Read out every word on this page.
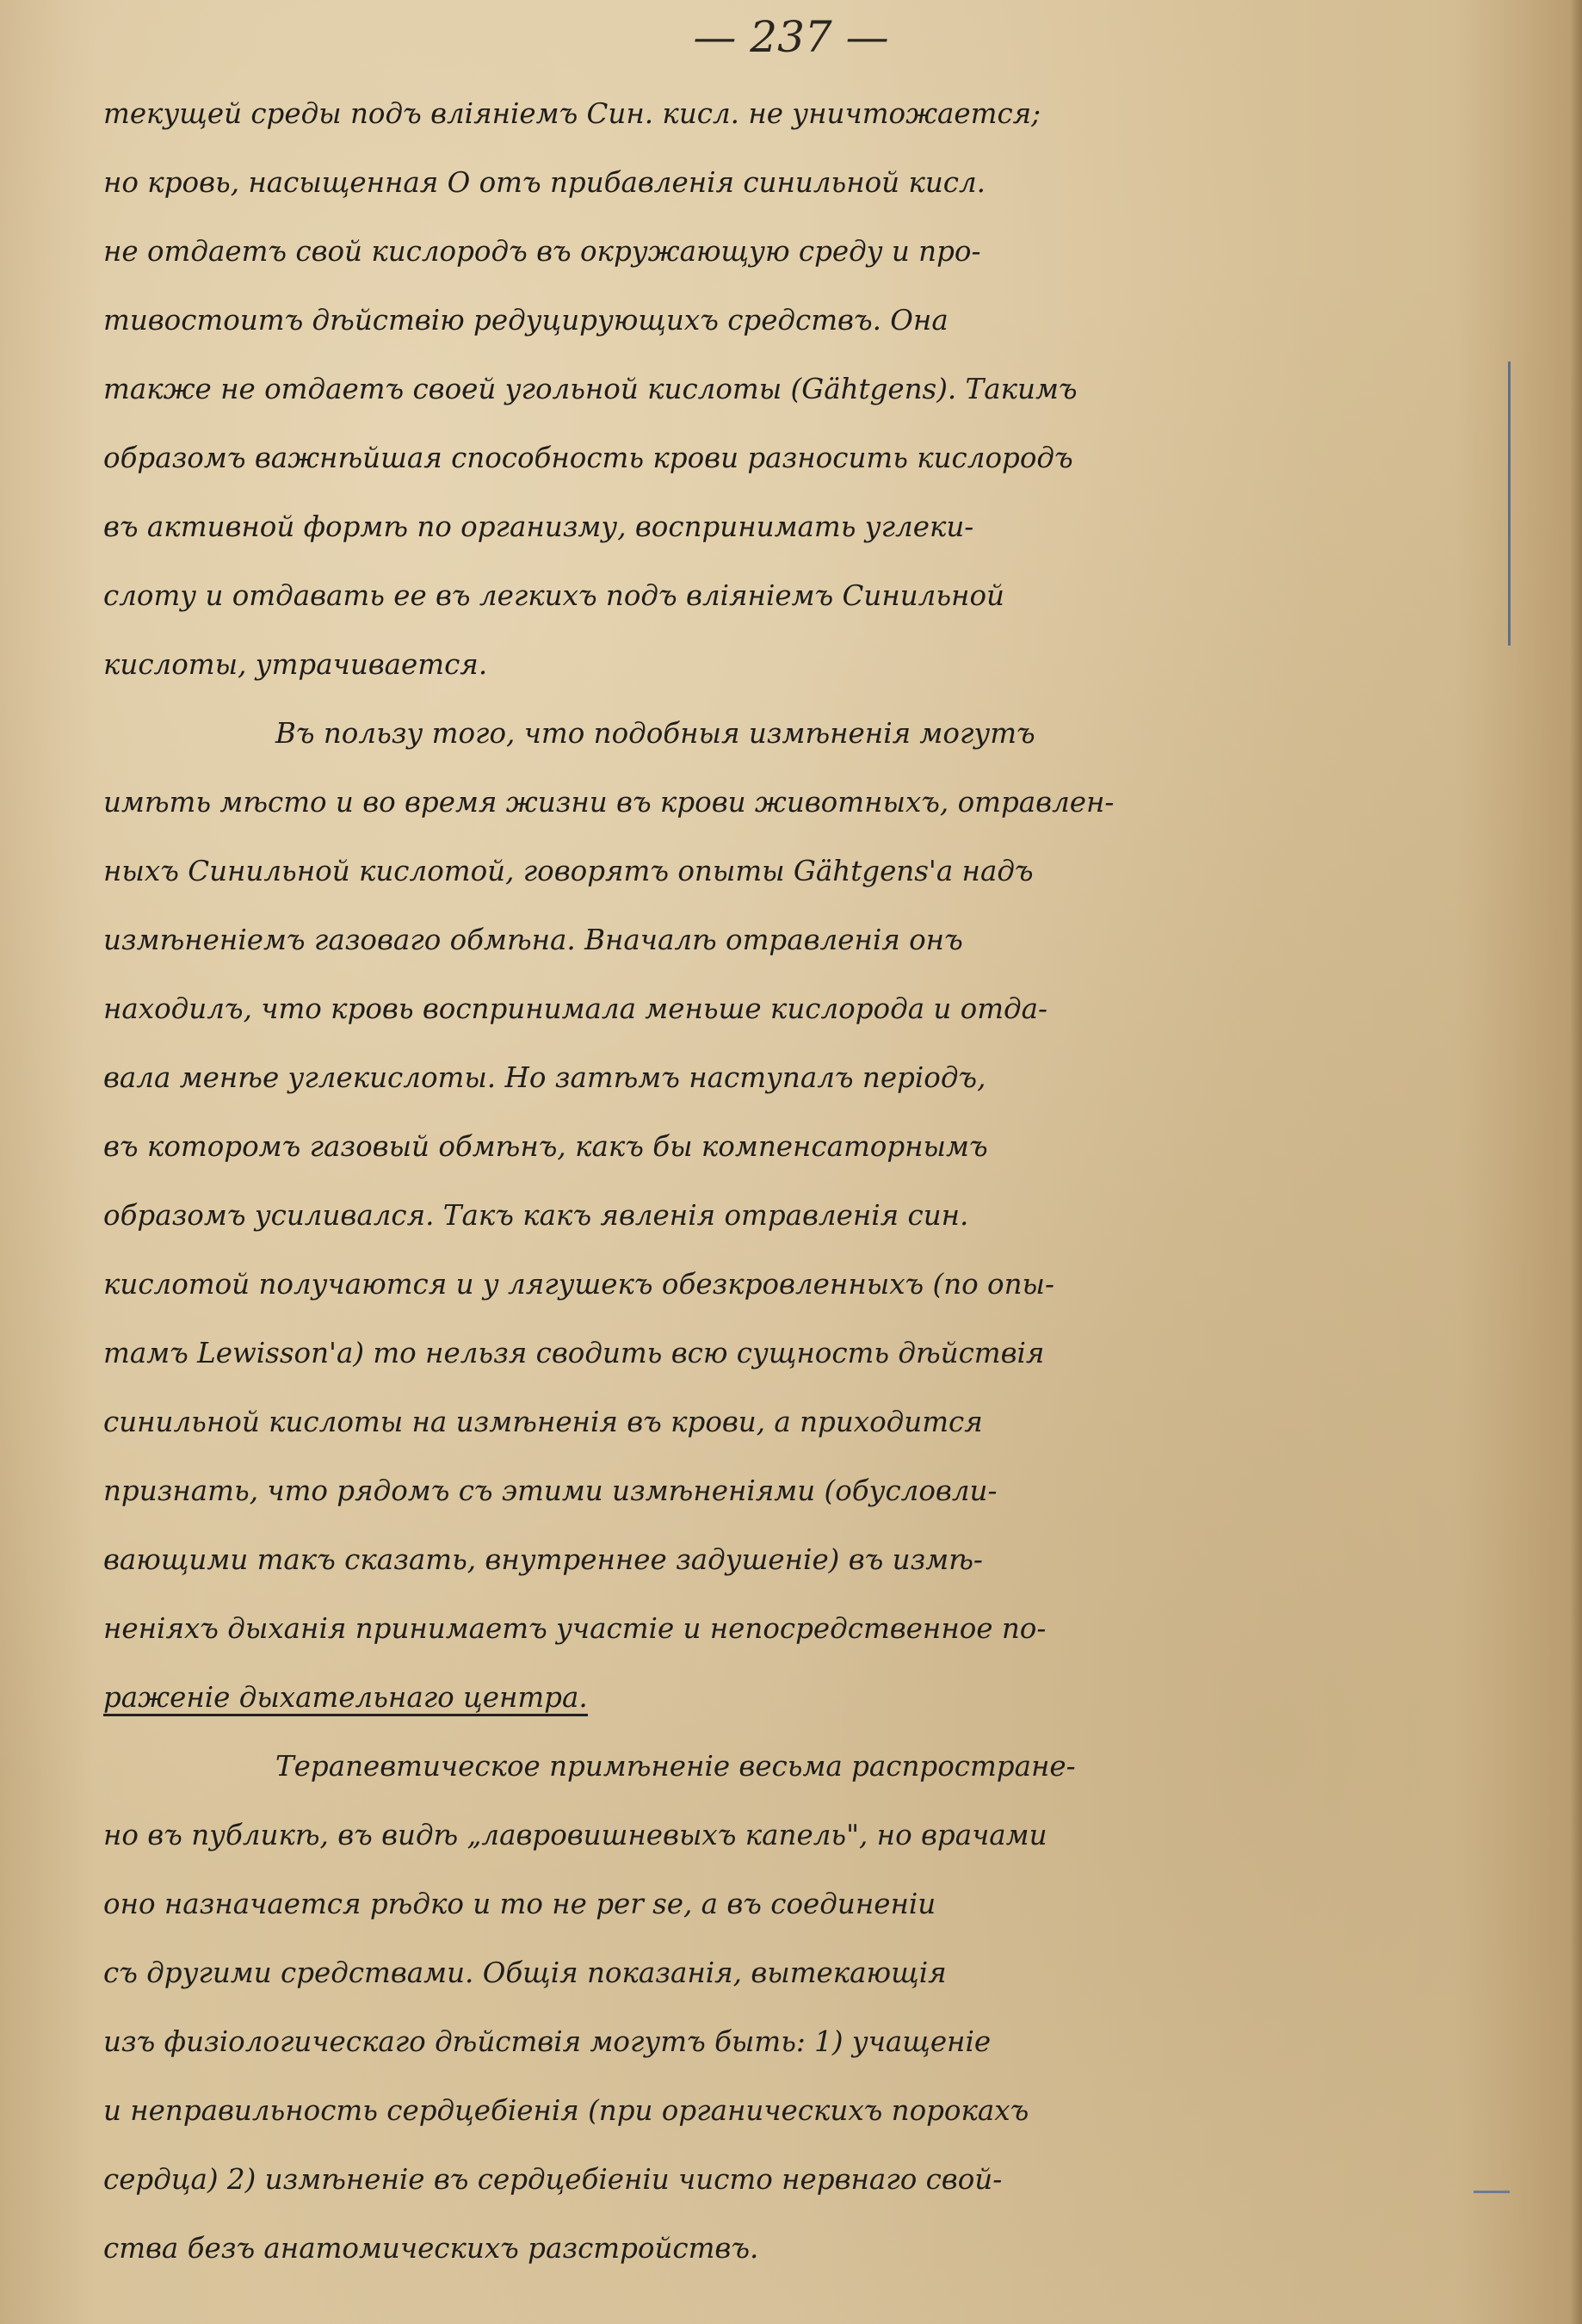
— 237 —
текущей среды подъ вліяніемъ Син. кисл. не уничтожается;
но кровь, насыщенная О отъ прибавленія синильной кисл.
не отдаетъ свой кислородъ въ окружающую среду и про-
тивостоитъ дѣйствію редуцирующихъ средствъ. Она
также не отдаетъ своей угольной кислоты (Gähtgens). Такимъ
образомъ важнѣйшая способность крови разносить кислородъ
въ активной формѣ по организму, воспринимать углеки-
слоту и отдавать ее въ легкихъ подъ вліяніемъ Синильной
кислоты, утрачивается.
Въ пользу того, что подобныя измѣненія могутъ
имѣть мѣсто и во время жизни въ крови животныхъ, отравлен-
ныхъ Синильной кислотой, говорятъ опыты Gähtgens'а надъ
измѣненіемъ газоваго обмѣна. Вначалѣ отравленія онъ
находилъ, что кровь воспринимала меньше кислорода и отда-
вала менѣе углекислоты. Но затѣмъ наступалъ періодъ,
въ которомъ газовый обмѣнъ, какъ бы компенсаторнымъ
образомъ усиливался. Такъ какъ явленія отравленія син.
кислотой получаются и у лягушекъ обезкровленныхъ (по опы-
тамъ Lewisson'а) то нельзя сводить всю сущность дѣйствія
синильной кислоты на измѣненія въ крови, а приходится
признать, что рядомъ съ этими измѣненіями (обусловли-
вающими такъ сказать, внутреннее задушеніе) въ измѣ-
неніяхъ дыханія принимаетъ участіе и непосредственное по-
раженіе дыхательнаго центра.
Терапевтическое примѣненіе весьма распростране-
но въ публикѣ, въ видѣ „лавровишневыхъ капель", но врачами
оно назначается рѣдко и то не per se, а въ соединеніи
съ другими средствами. Общія показанія, вытекающія
изъ физiологическаго дѣйствія могутъ быть: 1) учащеніе
и неправильность сердцебіенія (при органическихъ порокахъ
сердца) 2) измѣненіе въ сердцебіеніи чисто нервнаго свой-
ства безъ анатомическихъ разстройствъ.
